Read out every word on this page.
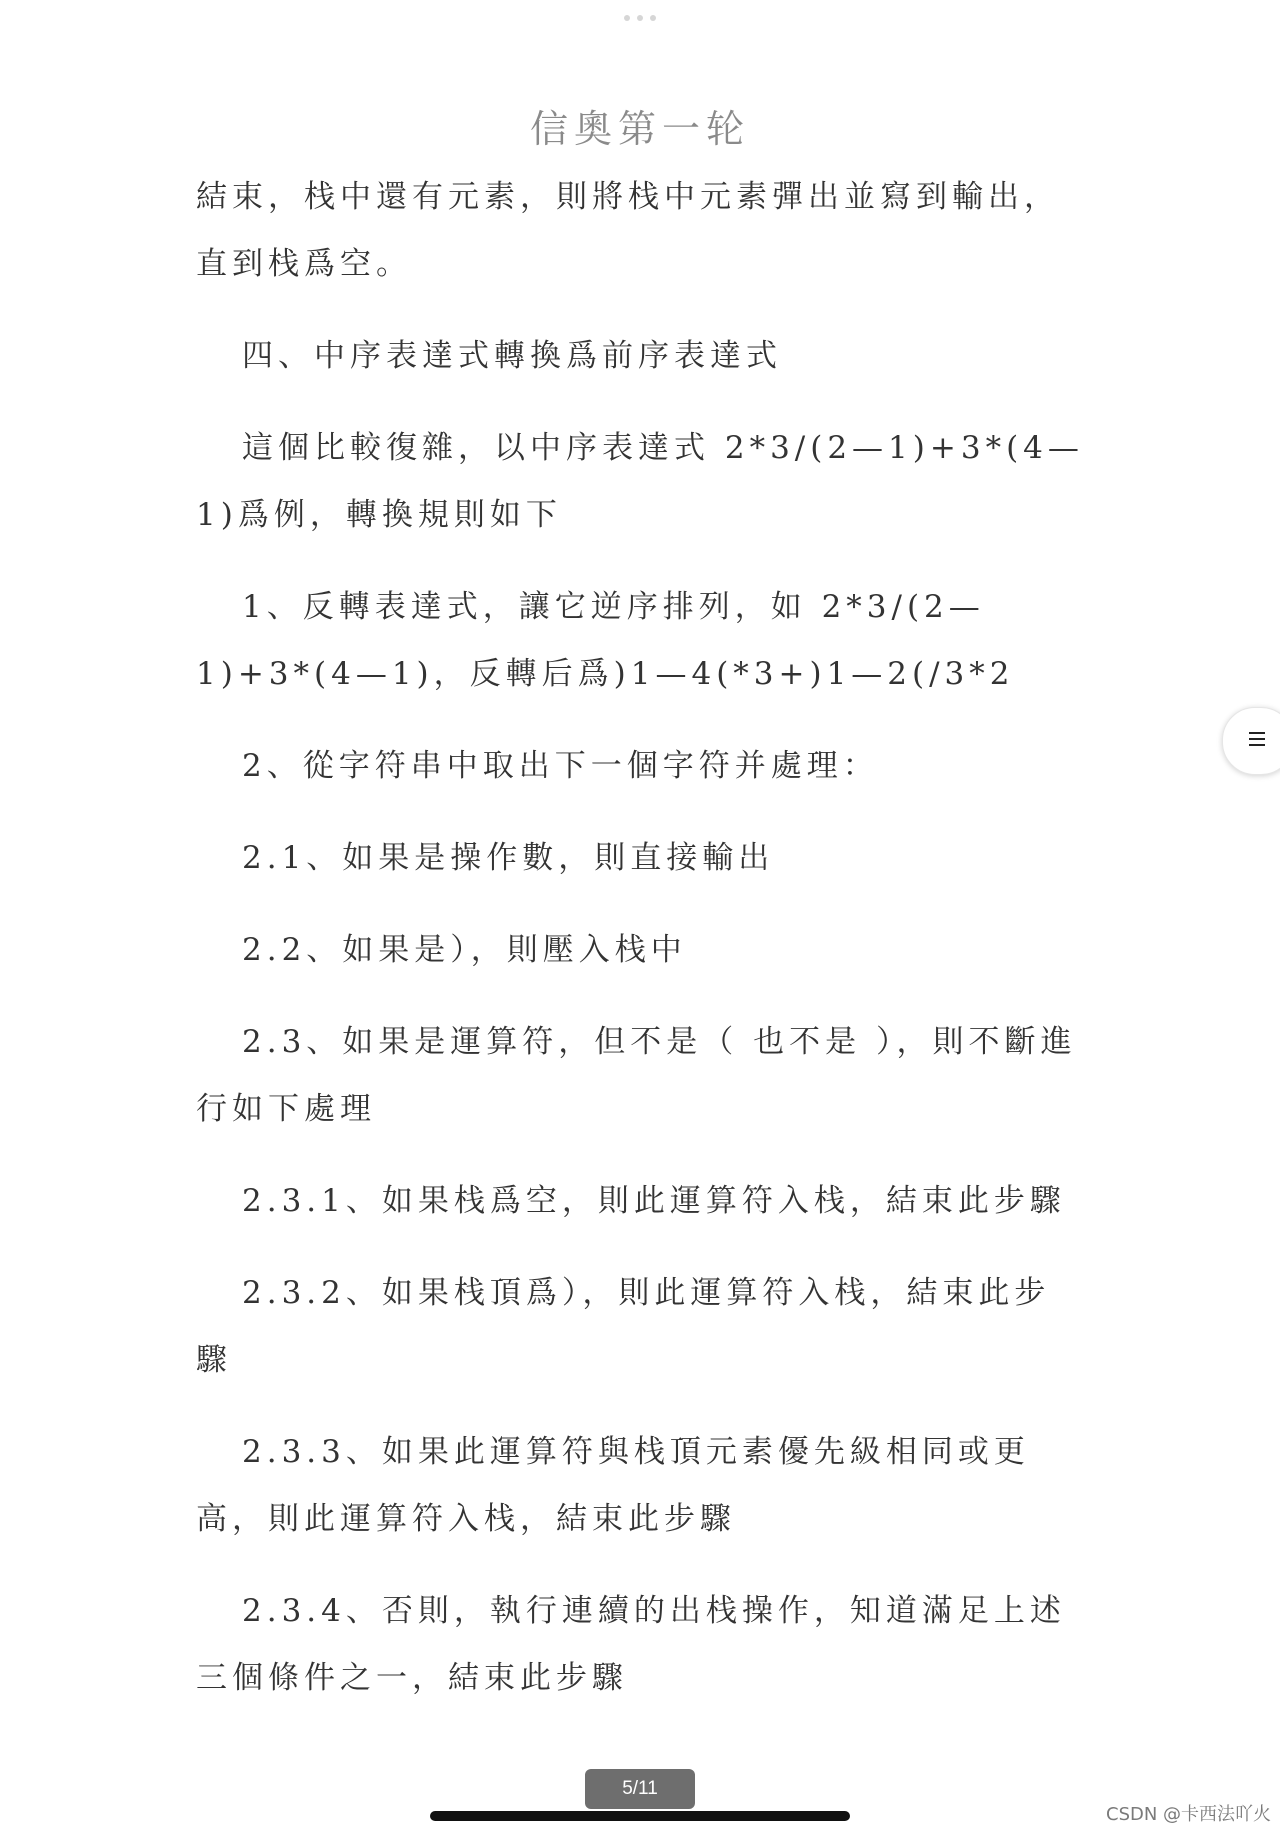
信奧第一轮

結束，栈中還有元素，則將栈中元素彈出並寫到輸出，直到栈爲空。

四、中序表達式轉換爲前序表達式

這個比較復雜，以中序表達式 2*3/(2—1)+3*(4—1)爲例，轉換規則如下

1、反轉表達式，讓它逆序排列，如 2*3/(2—1)+3*(4—1)，反轉后爲)1—4(*3+)1—2(/3*2

2、從字符串中取出下一個字符并處理：

2.1、如果是操作數，則直接輸出

2.2、如果是），則壓入栈中

2.3、如果是運算符，但不是（ 也不是 ），則不斷進行如下處理

2.3.1、如果栈爲空，則此運算符入栈，結束此步驟

2.3.2、如果栈頂爲），則此運算符入栈，結束此步驟

2.3.3、如果此運算符與栈頂元素優先級相同或更高，則此運算符入栈，結束此步驟

2.3.4、否則，執行連續的出栈操作，知道滿足上述三個條件之一，結束此步驟

5/11
CSDN @卡西法吖火
